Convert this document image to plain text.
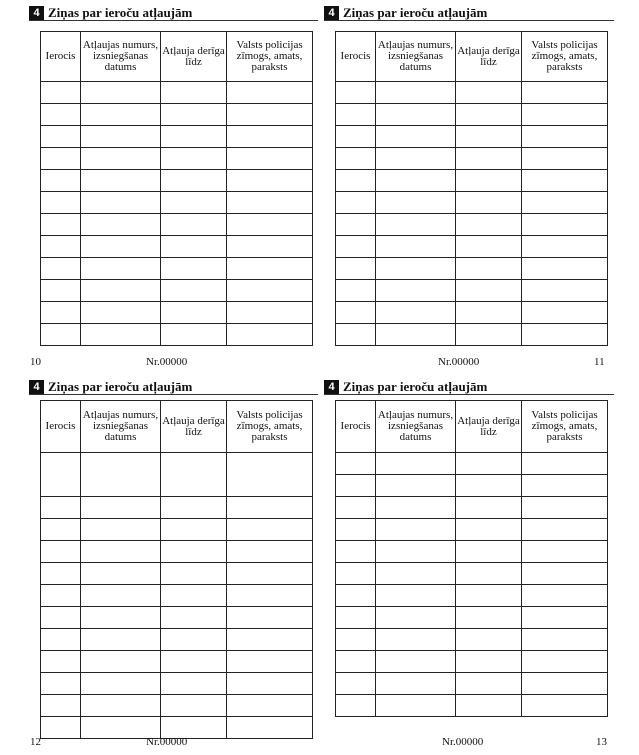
4 Ziņas par ieroču atļaujām
Ierocis	Atļaujas numurs, izsniegšanas datums	Atļauja derīga līdz	Valsts policijas zīmogs, amats, paraksts

10	Nr.00000
4 Ziņas par ieroču atļaujām
Ierocis	Atļaujas numurs, izsniegšanas datums	Atļauja derīga līdz	Valsts policijas zīmogs, amats, paraksts

Nr.00000	11
4 Ziņas par ieroču atļaujām
Ierocis	Atļaujas numurs, izsniegšanas datums	Atļauja derīga līdz	Valsts policijas zīmogs, amats, paraksts

12	Nr.00000
4 Ziņas par ieroču atļaujām
Ierocis	Atļaujas numurs, izsniegšanas datums	Atļauja derīga līdz	Valsts policijas zīmogs, amats, paraksts

Nr.00000	13
